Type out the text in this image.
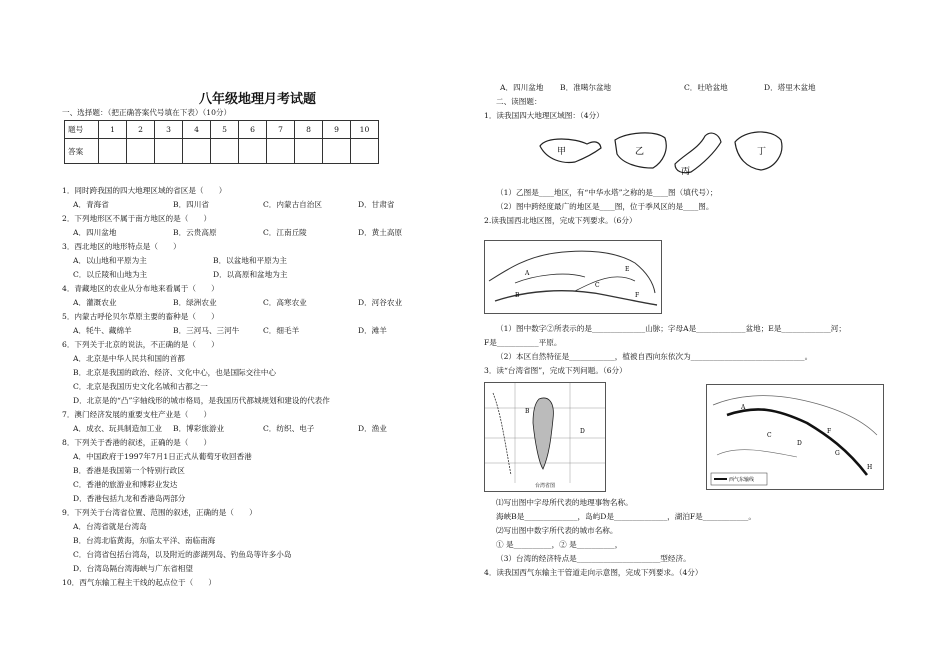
八年级地理月考试题
一、选择题：（把正确答案代号填在下表）（10分）
题号	1	2	3	4	5	6	7	8	9	10
答案										
1．同时跨我国的四大地理区域的省区是（　　）
A．青海省	B．四川省	C．内蒙古自治区	D．甘肃省
2．下列地形区不属于南方地区的是（　　）
A．四川盆地	B．云贵高原	C．江南丘陵	D．黄土高原
3．西北地区的地形特点是（　　）
A．以山地和平原为主	B．以盆地和平原为主
C．以丘陵和山地为主	D．以高原和盆地为主
4．青藏地区的农业从分布地来看属于（　　）
A．灌溉农业	B．绿洲农业	C．高寒农业	D．河谷农业
5．内蒙古呼伦贝尔草原主要的畜种是（　　）
A．牦牛、藏绵羊	B．三河马、三河牛	C．细毛羊	D．滩羊
6．下列关于北京的说法，不正确的是（　　）
A．北京是中华人民共和国的首都
B．北京是我国的政治、经济、文化中心，也是国际交往中心
C．北京是我国历史文化名城和古都之一
D．北京是的“凸”字轴线形的城市格局，是我国历代都城规划和建设的代表作
7．澳门经济发展的重要支柱产业是（　　）
A．成衣、玩具制造加工业	B．博彩旅游业	C．纺织、电子	D．渔业
8．下列关于香港的叙述，正确的是（　　）
A．中国政府于1997年7月1日正式从葡萄牙收回香港
B．香港是我国第一个特别行政区
C．香港的旅游业和博彩业发达
D．香港包括九龙和香港岛两部分
9．下列关于台湾省位置、范围的叙述，正确的是（　　）
A．台湾省就是台湾岛
B．台湾北临黄海，东临太平洋、南临南海
C．台湾省包括台湾岛，以及附近的澎湖列岛、钓鱼岛等许多小岛
D．台湾岛隔台湾海峡与广东省相望
10．西气东输工程主干线的起点位于（　　）
A．四川盆地	B．准噶尔盆地	C．吐哈盆地	D．塔里木盆地
二、读图题：
1．读我国四大地理区域图：（4分）
甲	乙
丙
丁
（1）乙图是____地区，有“中华水塔”之称的是____图（填代号）；
（2）图中跨经度最广的地区是____图，位于季风区的是____图。
2.读我国西北地区图，完成下列要求。（6分）
A
B
C
E
F
（1）图中数字②所表示的是______________山脉；字母A是_____________盆地；E是_____________河；
F是___________平原。
（2）本区自然特征是____________，植被自西向东依次为______________________________。
3．读“台湾省图”，完成下列问题。（6分）
B
D
台湾省图
A
C
D
F
G
H
西气东输线
⑴写出图中字母所代表的地理事物名称。
海峡B是______________，岛屿D是______________，湖泊F是____________。
⑵写出图中数字所代表的城市名称。
① 是__________，② 是__________，
（3）台湾的经济特点是______________________型经济。
4．读我国西气东输主干管道走向示意图，完成下列要求。（4分）
